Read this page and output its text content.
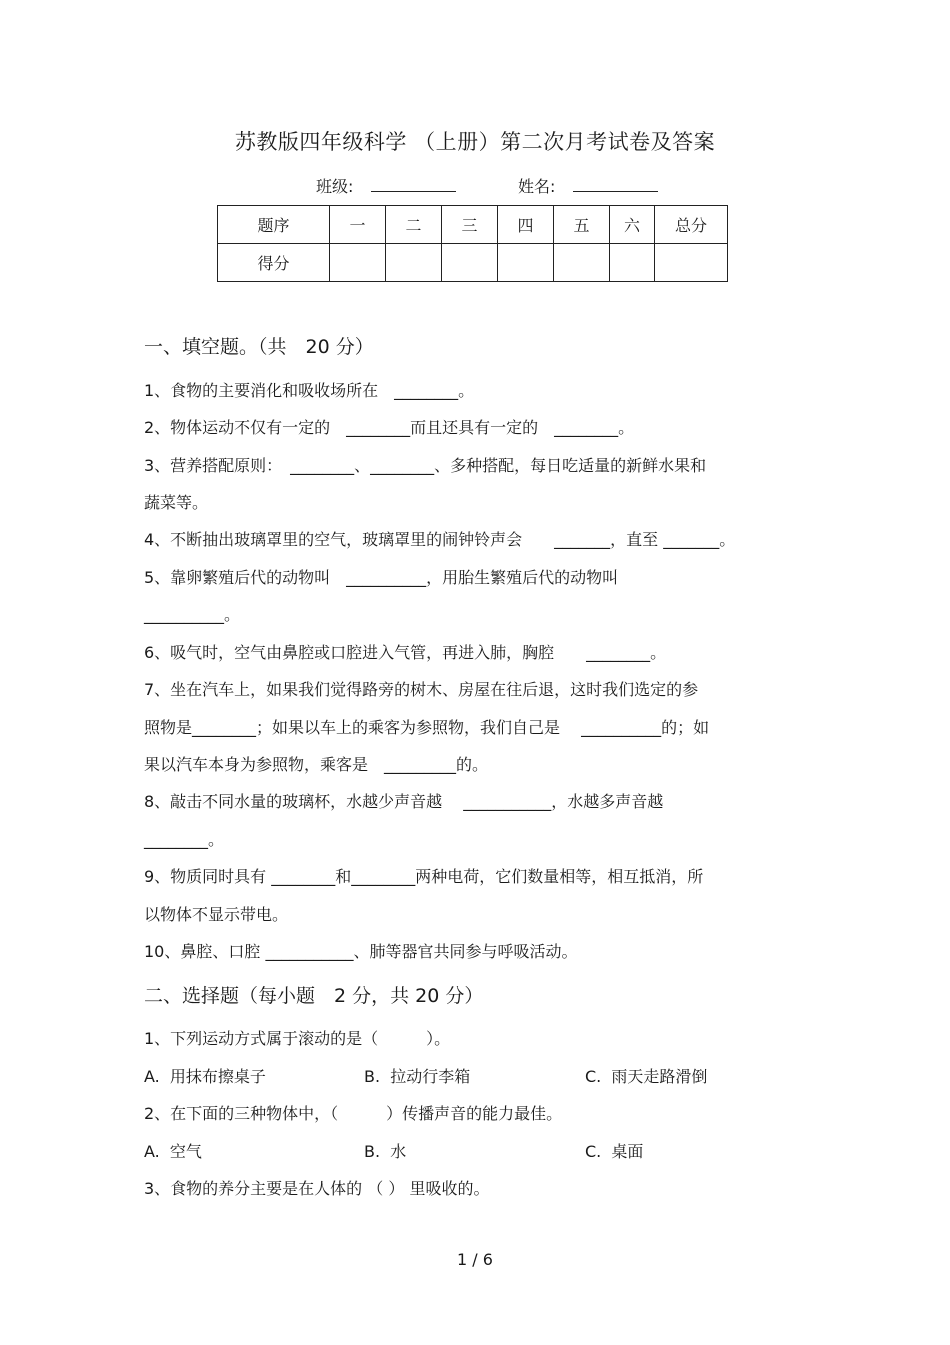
苏教版四年级科学 （上册）第二次月考试卷及答案
班级:	姓名:
题序	一	二	三	四	五	六	总分
得分							
一、填空题。（共　20 分）
1、食物的主要消化和吸收场所在　________。
2、物体运动不仅有一定的　________而且还具有一定的　________。
3、营养搭配原则：　________、________、多种搭配，每日吃适量的新鲜水果和
蔬菜等。
4、不断抽出玻璃罩里的空气，玻璃罩里的闹钟铃声会　　_______，直至 _______。
5、靠卵繁殖后代的动物叫　__________，用胎生繁殖后代的动物叫
__________。
6、吸气时，空气由鼻腔或口腔进入气管，再进入肺，胸腔　　________。
7、坐在汽车上，如果我们觉得路旁的树木、房屋在往后退，这时我们选定的参
照物是________；如果以车上的乘客为参照物，我们自己是　 __________的；如
果以汽车本身为参照物，乘客是　_________的。
8、敲击不同水量的玻璃杯，水越少声音越　 ___________，水越多声音越
________。
9、物质同时具有 ________和________两种电荷，它们数量相等，相互抵消，所
以物体不显示带电。
10、鼻腔、口腔 ___________、肺等器官共同参与呼吸活动。
二、选择题（每小题　2 分，共 20 分）
1、下列运动方式属于滚动的是（　　　）。
A.  用抹布擦桌子	B.  拉动行李箱	C.  雨天走路滑倒
2、在下面的三种物体中，（　　　）传播声音的能力最佳。
A.  空气	B.  水	C.  桌面
3、食物的养分主要是在人体的 （ ） 里吸收的。
1 / 6
